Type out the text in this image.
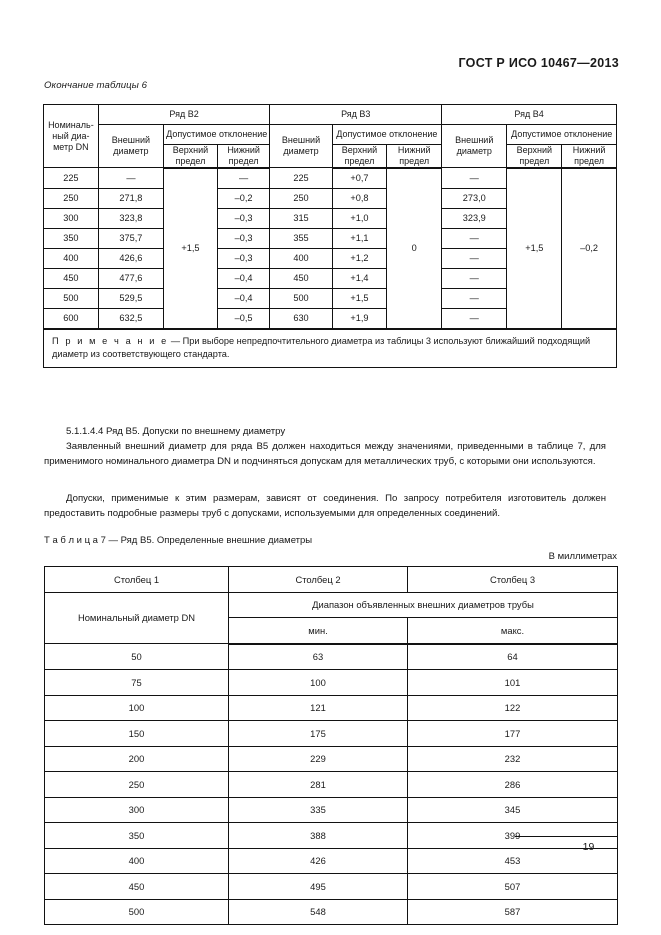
ГОСТ Р ИСО 10467—2013
Окончание таблицы 6
Номиналь-
ный диа-
метр DN	Ряд B2			Ряд B3			Ряд B4		
	Внешний диаметр	Допустимое отклонение		Внешний диаметр	Допустимое отклонение		Внешний диаметр	Допустимое отклонение	
		Верхний предел	Нижний предел		Верхний предел	Нижний предел		Верхний предел	Нижний предел
225	—	+1,5	—	225	+0,7	0	—	+1,5	–0,2
250	271,8		–0,2	250	+0,8		273,0		
300	323,8		–0,3	315	+1,0		323,9		
350	375,7		–0,3	355	+1,1		—		
400	426,6		–0,3	400	+1,2		—		
450	477,6		–0,4	450	+1,4		—		
500	529,5		–0,4	500	+1,5		—		
600	632,5		–0,5	630	+1,9		—		
П р и м е ч а н и е — При выборе непредпочтительного диаметра из таблицы 3 используют ближайший подходящий диаметр из соответствующего стандарта.									
5.1.1.4.4 Ряд B5. Допуски по внешнему диаметру
Заявленный внешний диаметр для ряда B5 должен находиться между значениями, приведенными в таблице 7, для применимого номинального диаметра DN и подчиняться допускам для металлических труб, с которыми они используются.
Допуски, применимые к этим размерам, зависят от соединения. По запросу потребителя изготовитель должен предоставить подробные размеры труб с допусками, используемыми для определенных соединений.
Т а б л и ц а 7 — Ряд B5. Определенные внешние диаметры
В миллиметрах
Столбец 1	Столбец 2	Столбец 3
Номинальный диаметр DN	Диапазон объявленных внешних диаметров трубы	
	мин.	макс.
50	63	64
75	100	101
100	121	122
150	175	177
200	229	232
250	281	286
300	335	345
350	388	399
400	426	453
450	495	507
500	548	587
19
